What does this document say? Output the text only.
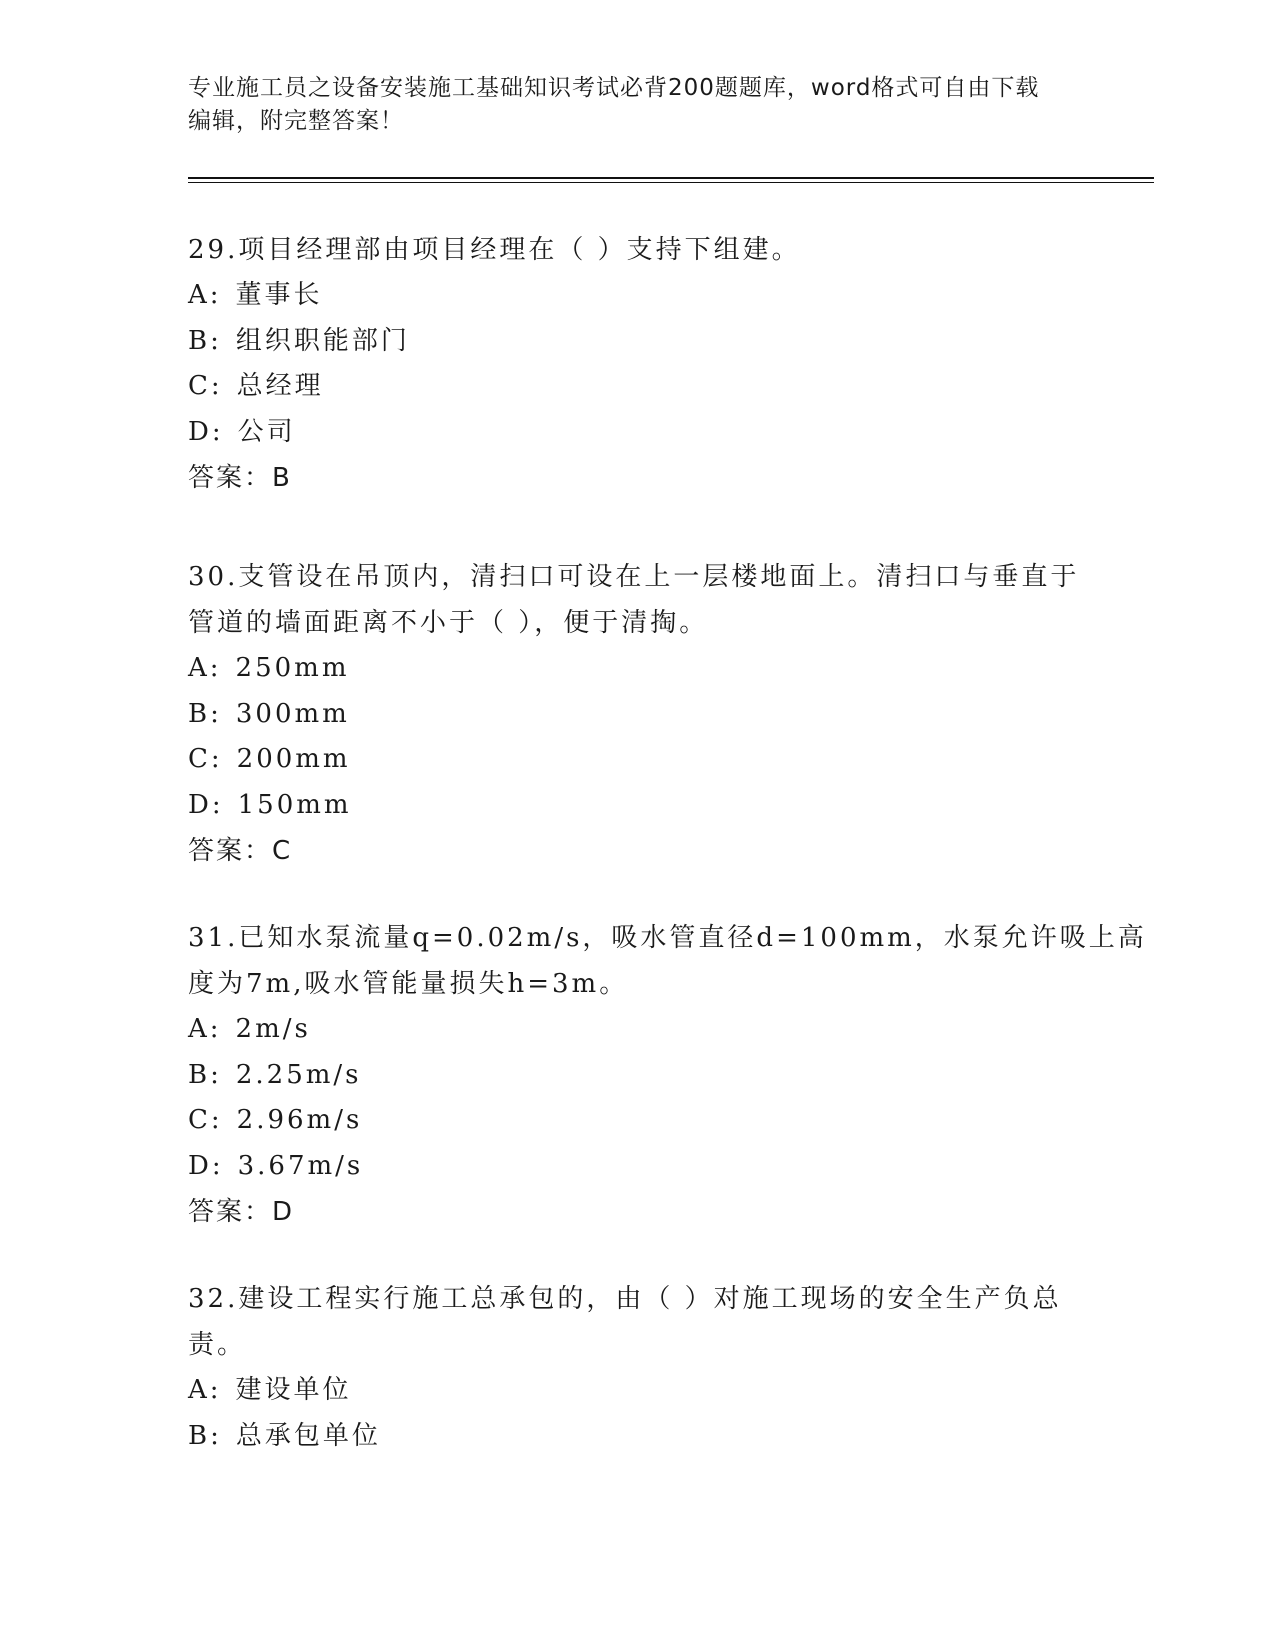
专业施工员之设备安装施工基础知识考试必背200题题库，word格式可自由下载
编辑，附完整答案！
29.项目经理部由项目经理在（ ）支持下组建。
A: 董事长
B: 组织职能部门
C: 总经理
D: 公司
答案：B
30.支管设在吊顶内，清扫口可设在上一层楼地面上。清扫口与垂直于
管道的墙面距离不小于（ ），便于清掏。
A: 250mm
B: 300mm
C: 200mm
D: 150mm
答案：C
31.已知水泵流量q=0.02m/s，吸水管直径d=100mm，水泵允许吸上高
度为7m,吸水管能量损失h=3m。
A: 2m/s
B: 2.25m/s
C: 2.96m/s
D: 3.67m/s
答案：D
32.建设工程实行施工总承包的，由（ ）对施工现场的安全生产负总
责。
A: 建设单位
B: 总承包单位
